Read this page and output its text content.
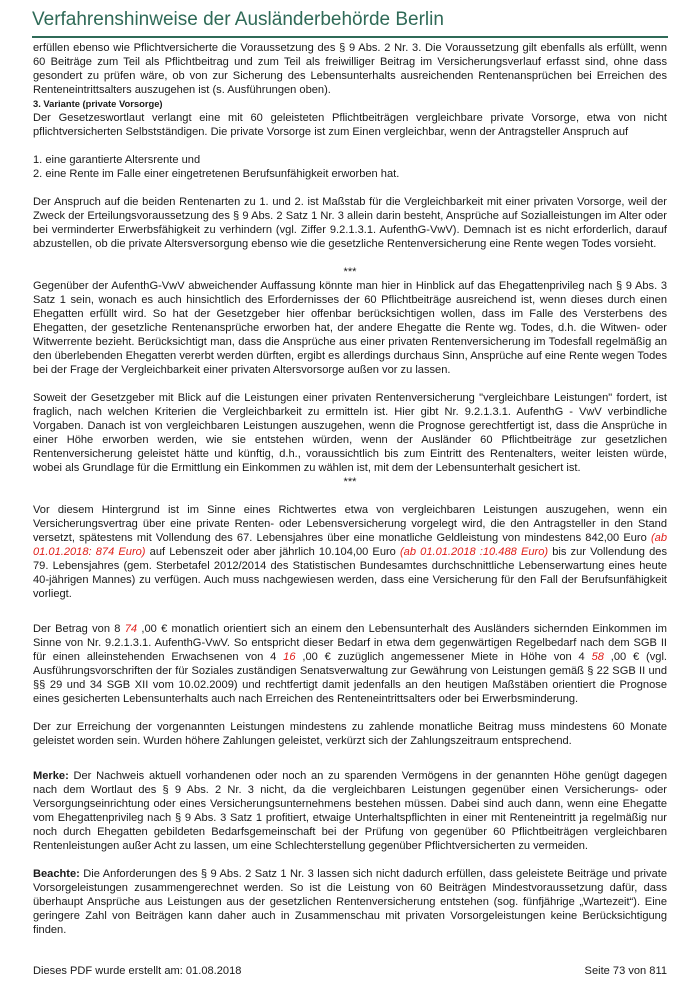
Verfahrenshinweise der Ausländerbehörde Berlin

erfüllen ebenso wie Pflichtversicherte die Voraussetzung des § 9 Abs. 2 Nr. 3. Die Voraussetzung gilt ebenfalls als erfüllt, wenn 60 Beiträge zum Teil als Pflichtbeitrag und zum Teil als freiwilliger Beitrag im Versicherungsverlauf erfasst sind, ohne dass gesondert zu prüfen wäre, ob von zur Sicherung des Lebensunterhalts ausreichenden Rentenansprüchen bei Erreichen des Renteneintrittsalters auszugehen ist (s. Ausführungen oben).

3. Variante (private Vorsorge)

Der Gesetzeswortlaut verlangt eine mit 60 geleisteten Pflichtbeiträgen vergleichbare private Vorsorge, etwa von nicht pflichtversicherten Selbstständigen. Die private Vorsorge ist zum Einen vergleichbar, wenn der Antragsteller Anspruch auf

1. eine garantierte Altersrente und

2. eine Rente im Falle einer eingetretenen Berufsunfähigkeit erworben hat.

Der Anspruch auf die beiden Rentenarten zu 1. und 2. ist Maßstab für die Vergleichbarkeit mit einer privaten Vorsorge, weil der Zweck der Erteilungsvoraussetzung des § 9 Abs. 2 Satz 1 Nr. 3 allein darin besteht, Ansprüche auf Sozialleistungen im Alter oder bei verminderter Erwerbsfähigkeit zu verhindern (vgl. Ziffer 9.2.1.3.1. AufenthG-VwV). Demnach ist es nicht erforderlich, darauf abzustellen, ob die private Altersversorgung ebenso wie die gesetzliche Rentenversicherung eine Rente wegen Todes vorsieht.

***

Gegenüber der AufenthG-VwV abweichender Auffassung könnte man hier in Hinblick auf das Ehegattenprivileg nach § 9 Abs. 3 Satz 1 sein, wonach es auch hinsichtlich des Erfordernisses der 60 Pflichtbeiträge ausreichend ist, wenn dieses durch einen Ehegatten erfüllt wird. So hat der Gesetzgeber hier offenbar berücksichtigen wollen, dass im Falle des Versterbens des Ehegatten, der gesetzliche Rentenansprüche erworben hat, der andere Ehegatte die Rente wg. Todes, d.h. die Witwen- oder Witwerrente bezieht. Berücksichtigt man, dass die Ansprüche aus einer privaten Rentenversicherung im Todesfall regelmäßig an den überlebenden Ehegatten vererbt werden dürften, ergibt es allerdings durchaus Sinn, Ansprüche auf eine Rente wegen Todes bei der Frage der Vergleichbarkeit einer privaten Altersvorsorge außen vor zu lassen.

Soweit der Gesetzgeber mit Blick auf die Leistungen einer privaten Rentenversicherung "vergleichbare Leistungen" fordert, ist fraglich, nach welchen Kriterien die Vergleichbarkeit zu ermitteln ist. Hier gibt Nr. 9.2.1.3.1. AufenthG - VwV verbindliche Vorgaben. Danach ist von vergleichbaren Leistungen auszugehen, wenn die Prognose gerechtfertigt ist, dass die Ansprüche in einer Höhe erworben werden, wie sie entstehen würden, wenn der Ausländer 60 Pflichtbeiträge zur gesetzlichen Rentenversicherung geleistet hätte und künftig, d.h., voraussichtlich bis zum Eintritt des Rentenalters, weiter leisten würde, wobei als Grundlage für die Ermittlung ein Einkommen zu wählen ist, mit dem der Lebensunterhalt gesichert ist.

***

Vor diesem Hintergrund ist im Sinne eines Richtwertes etwa von vergleichbaren Leistungen auszugehen, wenn ein Versicherungsvertrag über eine private Renten- oder Lebensversicherung vorgelegt wird, die den Antragsteller in den Stand versetzt, spätestens mit Vollendung des 67. Lebensjahres über eine monatliche Geldleistung von mindestens 842,00 Euro (ab 01.01.2018: 874 Euro) auf Lebenszeit oder aber jährlich 10.104,00 Euro (ab 01.01.2018 :10.488 Euro) bis zur Vollendung des 79. Lebensjahres (gem. Sterbetafel 2012/2014 des Statistischen Bundesamtes durchschnittliche Lebenserwartung eines heute 40-jährigen Mannes) zu verfügen. Auch muss nachgewiesen werden, dass eine Versicherung für den Fall der Berufsunfähigkeit vorliegt.

Der Betrag von 8 74 ,00 € monatlich orientiert sich an einem den Lebensunterhalt des Ausländers sichernden Einkommen im Sinne von Nr. 9.2.1.3.1. AufenthG-VwV. So entspricht dieser Bedarf in etwa dem gegenwärtigen Regelbedarf nach dem SGB II für einen alleinstehenden Erwachsenen von 4 16 ,00 € zuzüglich angemessener Miete in Höhe von 4 58 ,00 € (vgl. Ausführungsvorschriften der für Soziales zuständigen Senatsverwaltung zur Gewährung von Leistungen gemäß § 22 SGB II und §§ 29 und 34 SGB XII vom 10.02.2009) und rechtfertigt damit jedenfalls an den heutigen Maßstäben orientiert die Prognose eines gesicherten Lebensunterhalts auch nach Erreichen des Renteneintrittsalters oder bei Erwerbsminderung.

Der zur Erreichung der vorgenannten Leistungen mindestens zu zahlende monatliche Beitrag muss mindestens 60 Monate geleistet worden sein. Wurden höhere Zahlungen geleistet, verkürzt sich der Zahlungszeitraum entsprechend.

Merke: Der Nachweis aktuell vorhandenen oder noch an zu sparenden Vermögens in der genannten Höhe genügt dagegen nach dem Wortlaut des § 9 Abs. 2 Nr. 3 nicht, da die vergleichbaren Leistungen gegenüber einen Versicherungs- oder Versorgungseinrichtung oder eines Versicherungsunternehmens bestehen müssen. Dabei sind auch dann, wenn eine Ehegatte vom Ehegattenprivileg nach § 9 Abs. 3 Satz 1 profitiert, etwaige Unterhaltspflichten in einer mit Renteneintritt ja regelmäßig nur noch durch Ehegatten gebildeten Bedarfsgemeinschaft bei der Prüfung von gegenüber 60 Pflichtbeiträgen vergleichbaren Rentenleistungen außer Acht zu lassen, um eine Schlechterstellung gegenüber Pflichtversicherten zu vermeiden.

Beachte: Die Anforderungen des § 9 Abs. 2 Satz 1 Nr. 3 lassen sich nicht dadurch erfüllen, dass geleistete Beiträge und private Vorsorgeleistungen zusammengerechnet werden. So ist die Leistung von 60 Beiträgen Mindestvoraussetzung dafür, dass überhaupt Ansprüche aus Leistungen aus der gesetzlichen Rentenversicherung entstehen (sog. fünfjährige „Wartezeit“). Eine geringere Zahl von Beiträgen kann daher auch in Zusammenschau mit privaten Vorsorgeleistungen keine Berücksichtigung finden.

Dieses PDF wurde erstellt am: 01.08.2018	Seite 73 von 811
